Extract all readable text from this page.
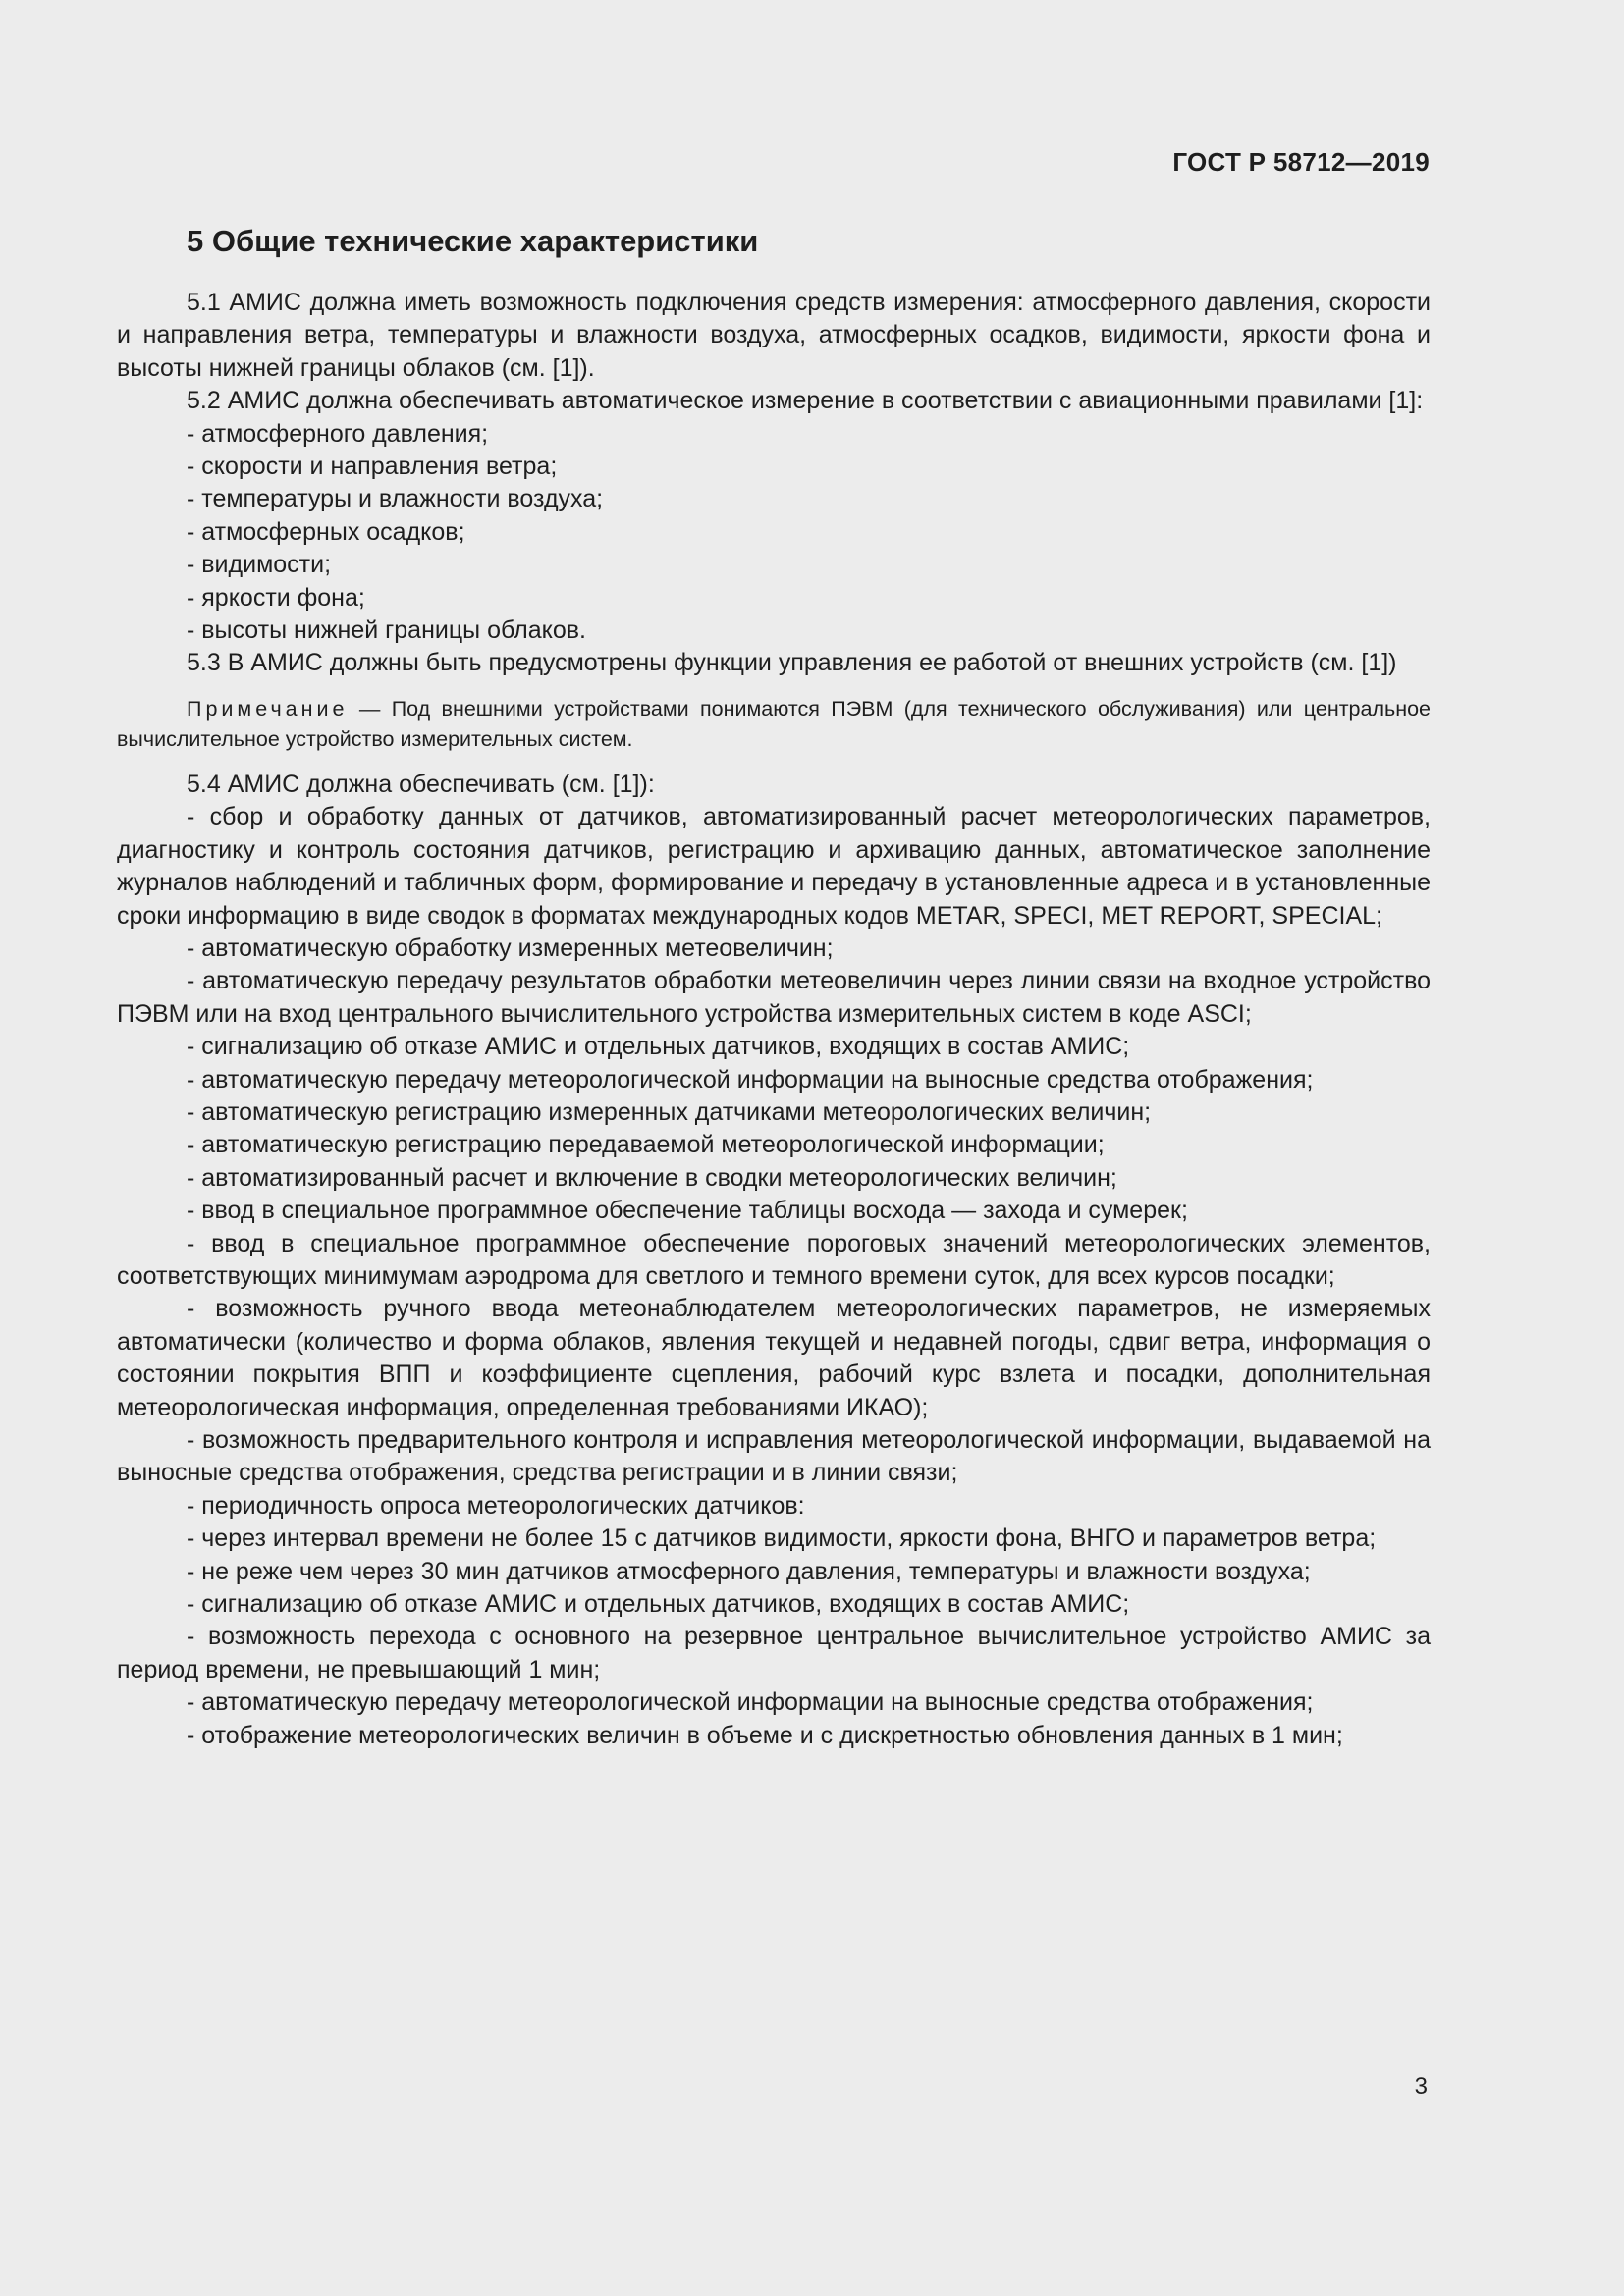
ГОСТ Р 58712—2019
5 Общие технические характеристики

5.1 АМИС должна иметь возможность подключения средств измерения: атмосферного давления, скорости и направления ветра, температуры и влажности воздуха, атмосферных осадков, видимости, яркости фона и высоты нижней границы облаков (см. [1]).

5.2 АМИС должна обеспечивать автоматическое измерение в соответствии с авиационными правилами [1]:

- атмосферного давления;

- скорости и направления ветра;

- температуры и влажности воздуха;

- атмосферных осадков;

- видимости;

- яркости фона;

- высоты нижней границы облаков.

5.3 В АМИС должны быть предусмотрены функции управления ее работой от внешних устройств (см. [1])

Примечание — Под внешними устройствами понимаются ПЭВМ (для технического обслуживания) или центральное вычислительное устройство измерительных систем.

5.4 АМИС должна обеспечивать (см. [1]):

- сбор и обработку данных от датчиков, автоматизированный расчет метеорологических параметров, диагностику и контроль состояния датчиков, регистрацию и архивацию данных, автоматическое заполнение журналов наблюдений и табличных форм, формирование и передачу в установленные адреса и в установленные сроки информацию в виде сводок в форматах международных кодов METAR, SPECI, MET REPORT, SPECIAL;

- автоматическую обработку измеренных метеовеличин;

- автоматическую передачу результатов обработки метеовеличин через линии связи на входное устройство ПЭВМ или на вход центрального вычислительного устройства измерительных систем в коде ASCI;

- сигнализацию об отказе АМИС и отдельных датчиков, входящих в состав АМИС;

- автоматическую передачу метеорологической информации на выносные средства отображения;

- автоматическую регистрацию измеренных датчиками метеорологических величин;

- автоматическую регистрацию передаваемой метеорологической информации;

- автоматизированный расчет и включение в сводки метеорологических величин;

- ввод в специальное программное обеспечение таблицы восхода — захода и сумерек;

- ввод в специальное программное обеспечение пороговых значений метеорологических элементов, соответствующих минимумам аэродрома для светлого и темного времени суток, для всех курсов посадки;

- возможность ручного ввода метеонаблюдателем метеорологических параметров, не измеряемых автоматически (количество и форма облаков, явления текущей и недавней погоды, сдвиг ветра, информация о состоянии покрытия ВПП и коэффициенте сцепления, рабочий курс взлета и посадки, дополнительная метеорологическая информация, определенная требованиями ИКАО);

- возможность предварительного контроля и исправления метеорологической информации, выдаваемой на выносные средства отображения, средства регистрации и в линии связи;

- периодичность опроса метеорологических датчиков:

- через интервал времени не более 15 с датчиков видимости, яркости фона, ВНГО и параметров ветра;

- не реже чем через 30 мин датчиков атмосферного давления, температуры и влажности воздуха;

- сигнализацию об отказе АМИС и отдельных датчиков, входящих в состав АМИС;

- возможность перехода с основного на резервное центральное вычислительное устройство АМИС за период времени, не превышающий 1 мин;

- автоматическую передачу метеорологической информации на выносные средства отображения;

- отображение метеорологических величин в объеме и с дискретностью обновления данных в 1 мин;

3
